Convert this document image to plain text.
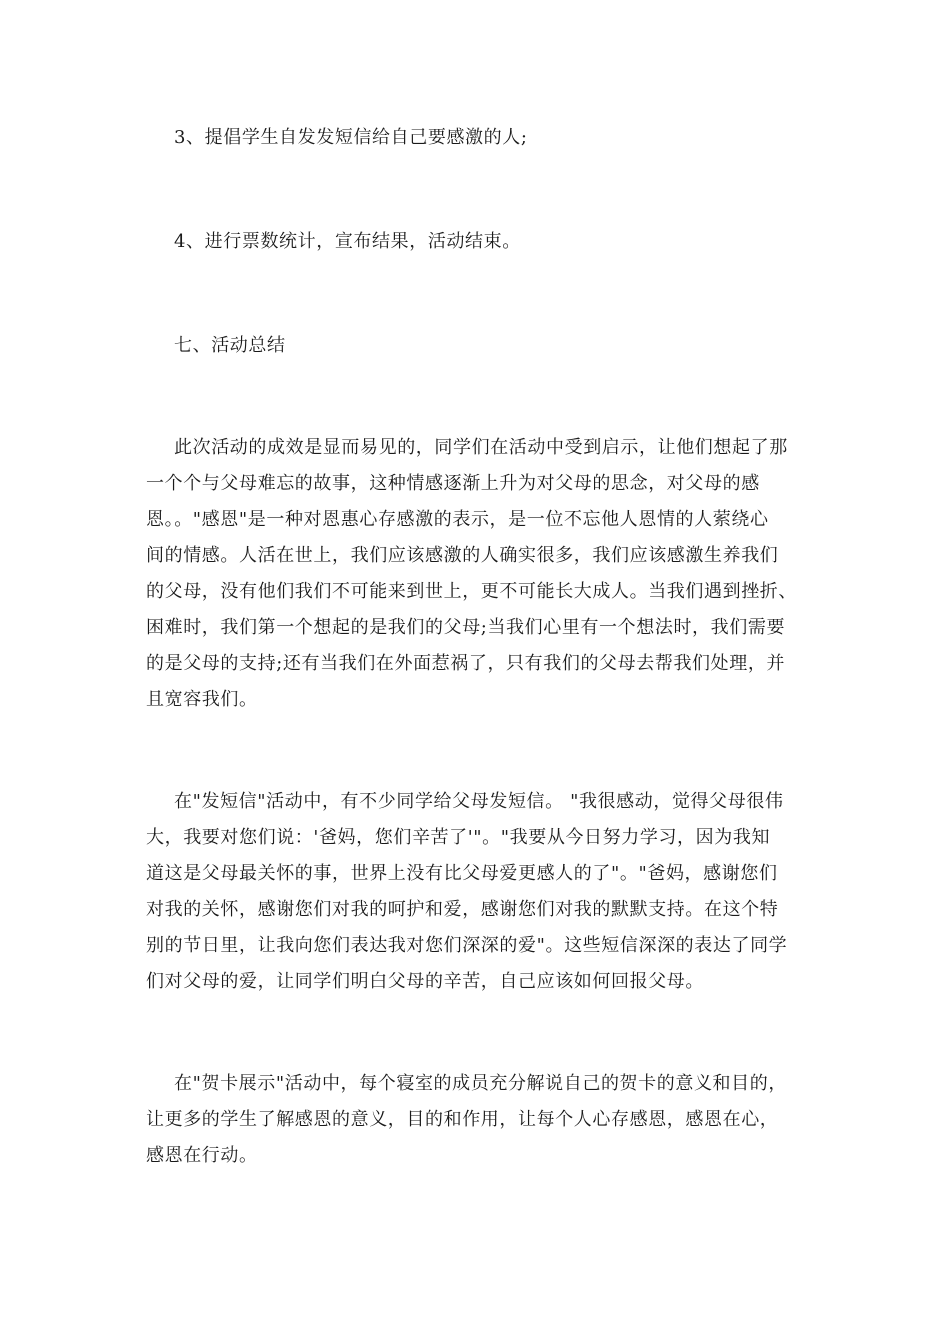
3、提倡学生自发发短信给自己要感激的人;
4、进行票数统计，宣布结果，活动结束。
七、活动总结
此次活动的成效是显而易见的，同学们在活动中受到启示，让他们想起了那
一个个与父母难忘的故事，这种情感逐渐上升为对父母的思念，对父母的感
恩。。"感恩"是一种对恩惠心存感激的表示，是一位不忘他人恩情的人萦绕心
间的情感。人活在世上，我们应该感激的人确实很多，我们应该感激生养我们
的父母，没有他们我们不可能来到世上，更不可能长大成人。当我们遇到挫折、
困难时，我们第一个想起的是我们的父母;当我们心里有一个想法时，我们需要
的是父母的支持;还有当我们在外面惹祸了，只有我们的父母去帮我们处理，并
且宽容我们。
在"发短信"活动中，有不少同学给父母发短信。 "我很感动，觉得父母很伟
大，我要对您们说：'爸妈，您们辛苦了'"。"我要从今日努力学习，因为我知
道这是父母最关怀的事，世界上没有比父母爱更感人的了"。"爸妈，感谢您们
对我的关怀，感谢您们对我的呵护和爱，感谢您们对我的默默支持。在这个特
别的节日里，让我向您们表达我对您们深深的爱"。这些短信深深的表达了同学
们对父母的爱，让同学们明白父母的辛苦，自己应该如何回报父母。
在"贺卡展示"活动中，每个寝室的成员充分解说自己的贺卡的意义和目的，
让更多的学生了解感恩的意义，目的和作用，让每个人心存感恩，感恩在心，
感恩在行动。
